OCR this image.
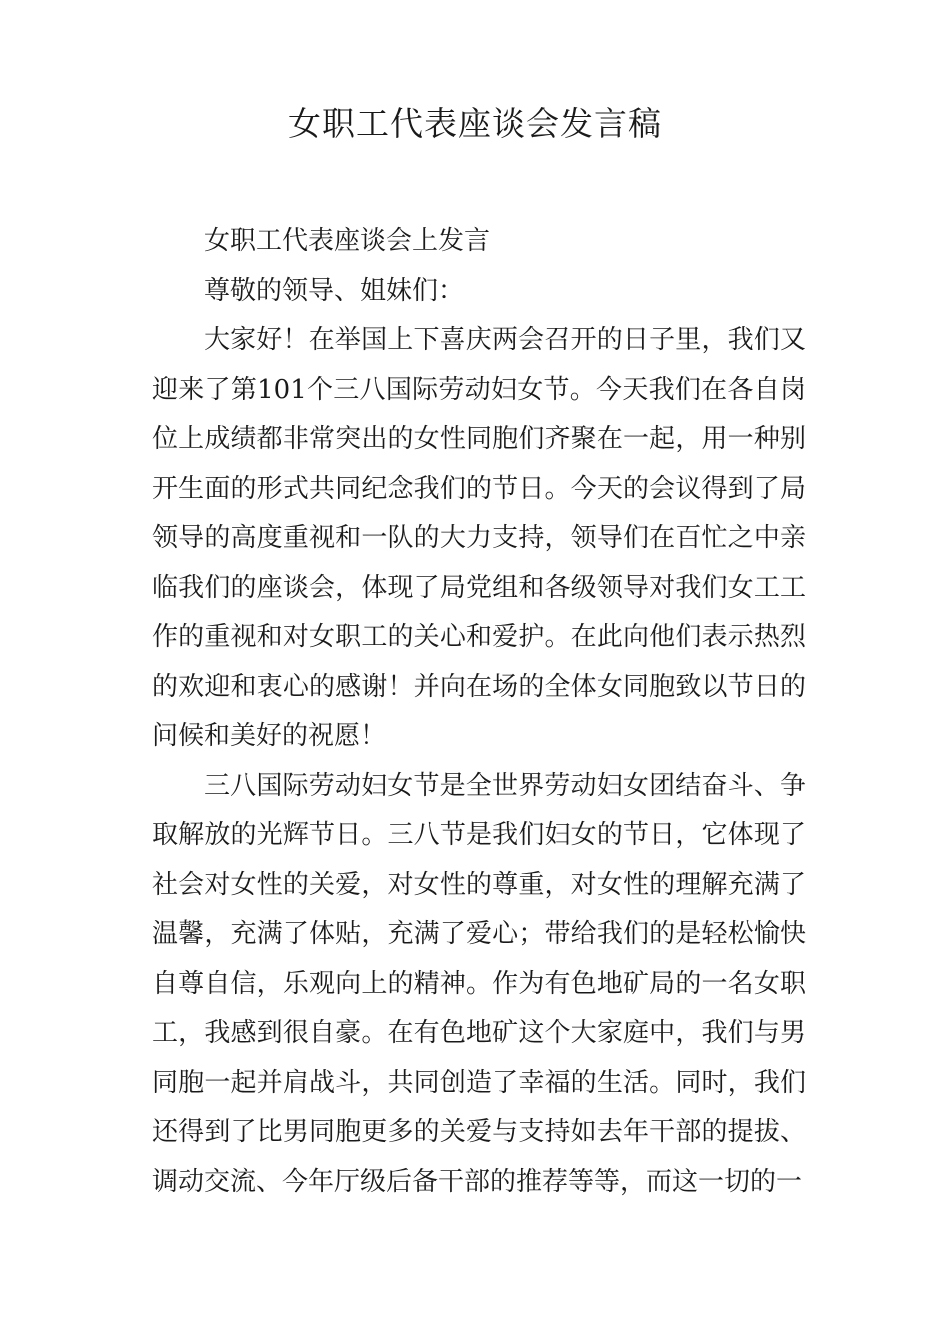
女职工代表座谈会发言稿

女职工代表座谈会上发言

尊敬的领导、姐妹们：

大家好！在举国上下喜庆两会召开的日子里，我们又迎来了第101个三八国际劳动妇女节。今天我们在各自岗位上成绩都非常突出的女性同胞们齐聚在一起，用一种别开生面的形式共同纪念我们的节日。今天的会议得到了局领导的高度重视和一队的大力支持，领导们在百忙之中亲临我们的座谈会，体现了局党组和各级领导对我们女工工作的重视和对女职工的关心和爱护。在此向他们表示热烈的欢迎和衷心的感谢！并向在场的全体女同胞致以节日的问候和美好的祝愿！

三八国际劳动妇女节是全世界劳动妇女团结奋斗、争取解放的光辉节日。三八节是我们妇女的节日，它体现了社会对女性的关爱，对女性的尊重，对女性的理解充满了温馨，充满了体贴，充满了爱心；带给我们的是轻松愉快自尊自信，乐观向上的精神。作为有色地矿局的一名女职工，我感到很自豪。在有色地矿这个大家庭中，我们与男同胞一起并肩战斗，共同创造了幸福的生活。同时，我们还得到了比男同胞更多的关爱与支持如去年干部的提拔、调动交流、今年厅级后备干部的推荐等等，而这一切的一
